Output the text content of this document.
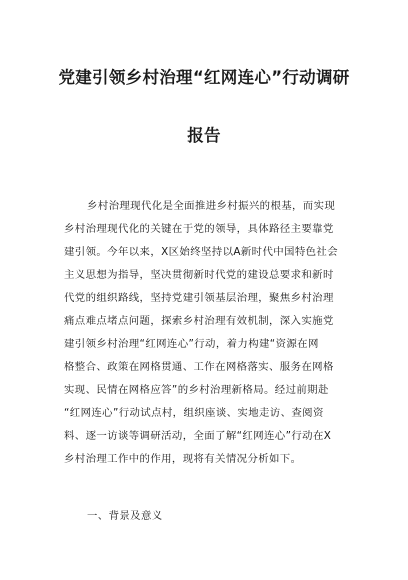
党建引领乡村治理“红网连心”行动调研
报告
乡村治理现代化是全面推进乡村振兴的根基，而实现
乡村治理现代化的关键在于党的领导，具体路径主要靠党
建引领。今年以来，X区始终坚持以A新时代中国特色社会
主义思想为指导，坚决贯彻新时代党的建设总要求和新时
代党的组织路线，坚持党建引领基层治理，聚焦乡村治理
痛点难点堵点问题，探索乡村治理有效机制，深入实施党
建引领乡村治理“红网连心”行动，着力构建“资源在网
格整合、政策在网格贯通、工作在网格落实、服务在网格
实现、民情在网格应答”的乡村治理新格局。经过前期赴
“红网连心”行动试点村，组织座谈、实地走访、查阅资
料、逐一访谈等调研活动，全面了解“红网连心”行动在X
乡村治理工作中的作用，现将有关情况分析如下。
一、背景及意义
